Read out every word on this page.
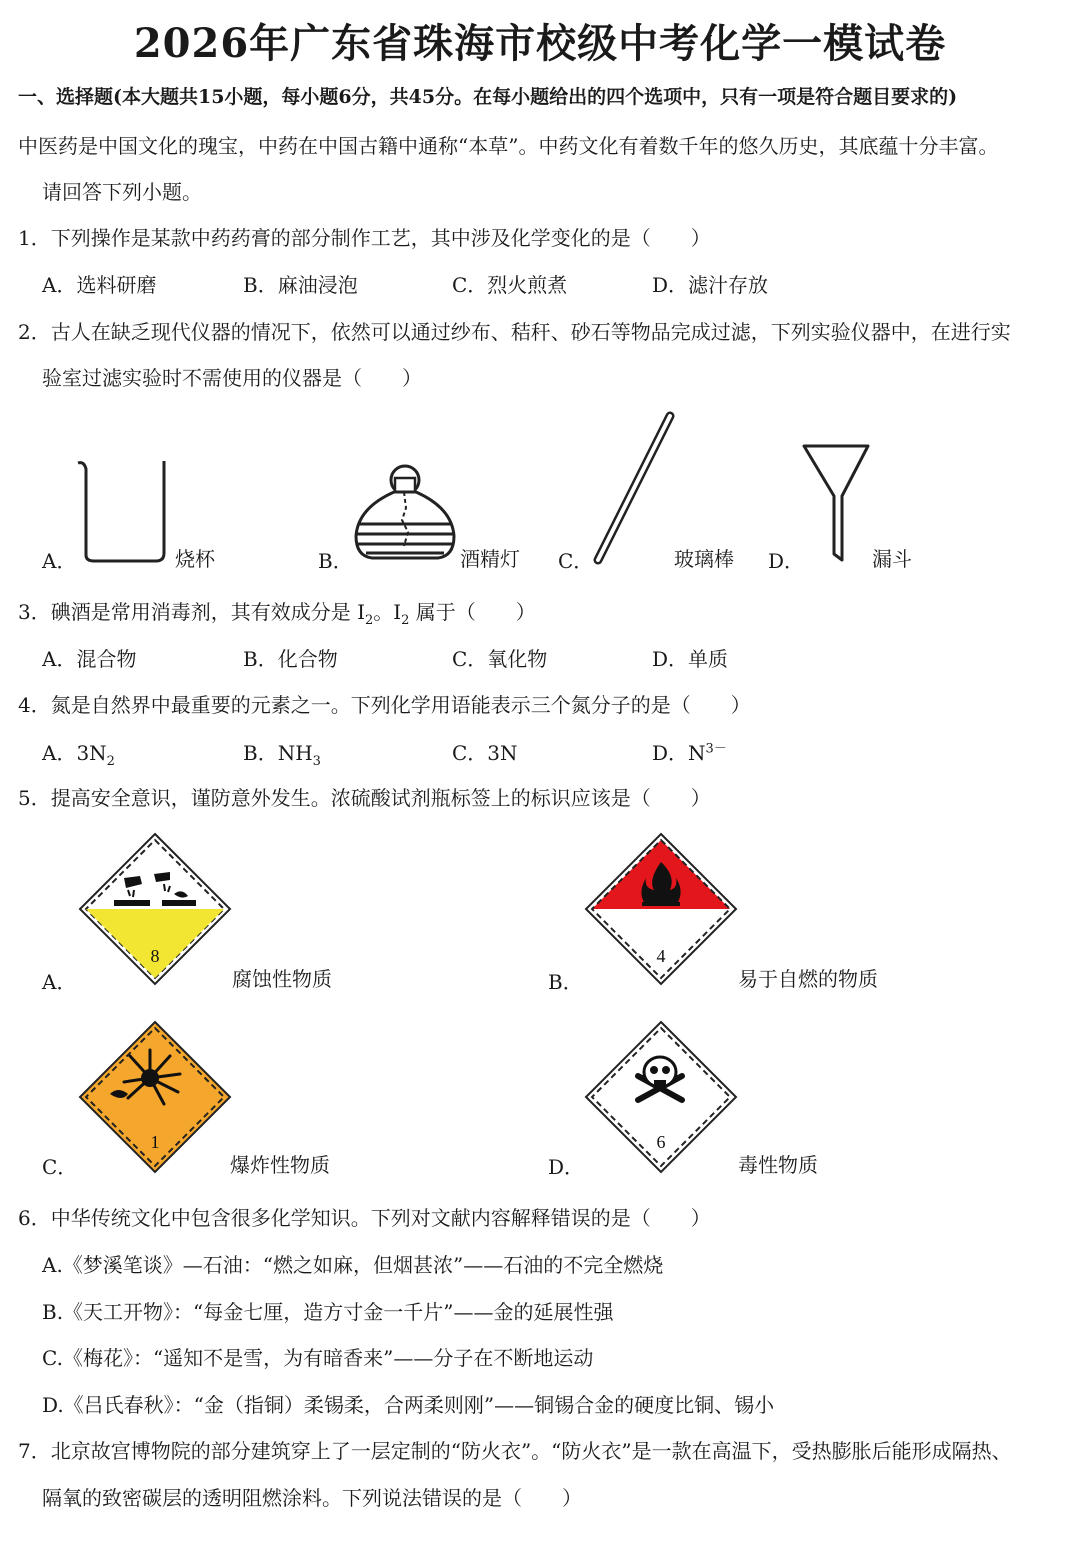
2026年广东省珠海市校级中考化学一模试卷
一、选择题(本大题共15小题，每小题6分，共45分。在每小题给出的四个选项中，只有一项是符合题目要求的)
中医药是中国文化的瑰宝，中药在中国古籍中通称“本草”。中药文化有着数千年的悠久历史，其底蕴十分丰富。
请回答下列小题。
1．下列操作是某款中药药膏的部分制作工艺，其中涉及化学变化的是（　　）
A．选料研磨	B．麻油浸泡	C．烈火煎煮	D．滤汁存放
2．古人在缺乏现代仪器的情况下，依然可以通过纱布、秸秆、砂石等物品完成过滤，下列实验仪器中，在进行实
验室过滤实验时不需使用的仪器是（　　）
A．	烧杯	B．	酒精灯 C．	玻璃棒 D．	漏斗
3．碘酒是常用消毒剂，其有效成分是 $I_2$。$I_2$ 属于（　　）
A．混合物	B．化合物	C．氧化物	D．单质
4．氮是自然界中最重要的元素之一。下列化学用语能表示三个氮分子的是（　　）
A．$3N_2$	B．$NH_3$	C．3N	D．$N^{3-}$
5．提高安全意识，谨防意外发生。浓硫酸试剂瓶标签上的标识应该是（　　）
A．
8
腐蚀性物质	B．
4
易于自燃的物质
C．
1
爆炸性物质	D．
6
毒性物质
6．中华传统文化中包含很多化学知识。下列对文献内容解释错误的是（　　）
A.《梦溪笔谈》—石油：“燃之如麻，但烟甚浓”——石油的不完全燃烧
B.《天工开物》：“每金七厘，造方寸金一千片”——金的延展性强
C.《梅花》：“遥知不是雪，为有暗香来”——分子在不断地运动
D.《吕氏春秋》：“金（指铜）柔锡柔，合两柔则刚”——铜锡合金的硬度比铜、锡小
7．北京故宫博物院的部分建筑穿上了一层定制的“防火衣”。“防火衣”是一款在高温下，受热膨胀后能形成隔热、
隔氧的致密碳层的透明阻燃涂料。下列说法错误的是（　　）
